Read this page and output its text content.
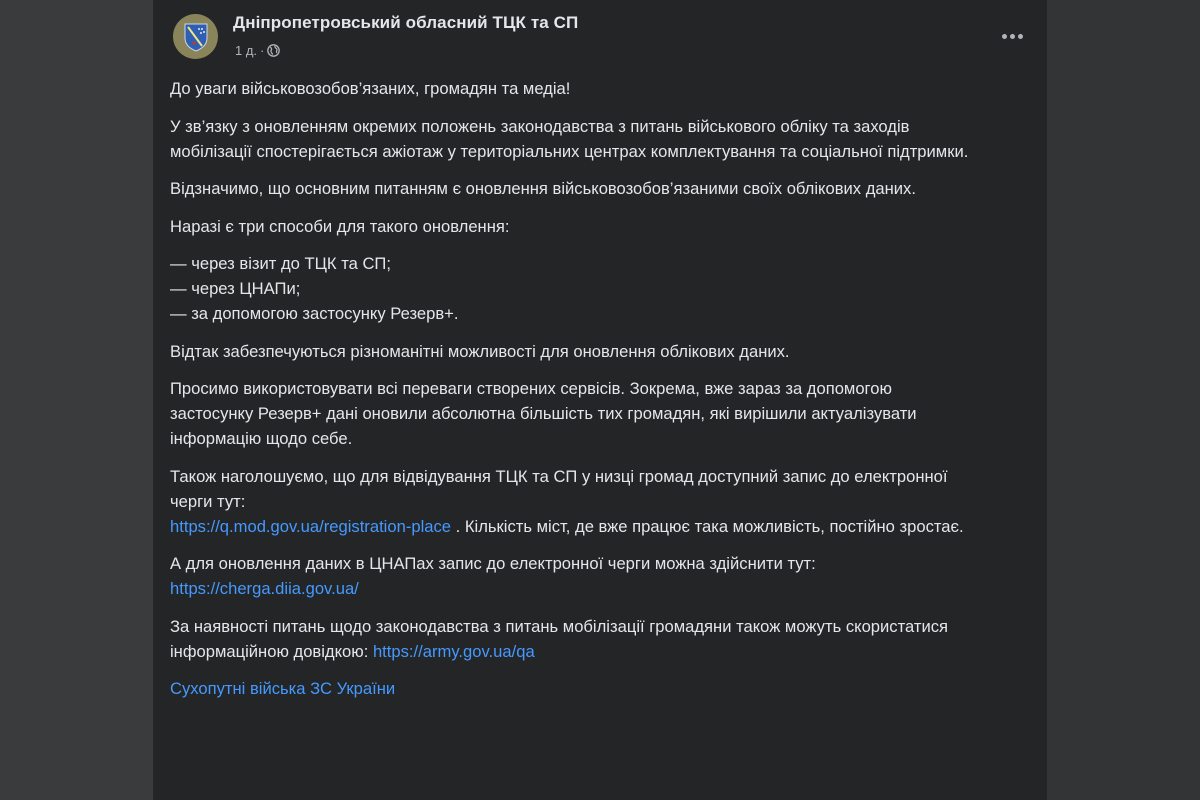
Дніпропетровський обласний ТЦК та СП
1 д. ·

До уваги військовозобов’язаних, громадян та медіа!

У зв’язку з оновленням окремих положень законодавства з питань військового обліку та заходів мобілізації спостерігається ажіотаж у територіальних центрах комплектування та соціальної підтримки.

Відзначимо, що основним питанням є оновлення військовозобов’язаними своїх облікових даних.

Наразі є три способи для такого оновлення:

— через візит до ТЦК та СП;
— через ЦНАПи;
— за допомогою застосунку Резерв+.

Відтак забезпечуються різноманітні можливості для оновлення облікових даних.

Просимо використовувати всі переваги створених сервісів. Зокрема, вже зараз за допомогою застосунку Резерв+ дані оновили абсолютна більшість тих громадян, які вирішили актуалізувати інформацію щодо себе.

Також наголошуємо, що для відвідування ТЦК та СП у низці громад доступний запис до електронної черги тут:
https://q.mod.gov.ua/registration-place . Кількість міст, де вже працює така можливість, постійно зростає.

А для оновлення даних в ЦНАПах запис до електронної черги можна здійснити тут:
https://cherga.diia.gov.ua/

За наявності питань щодо законодавства з питань мобілізації громадяни також можуть скористатися інформаційною довідкою: https://army.gov.ua/qa

Сухопутні війська ЗС України
